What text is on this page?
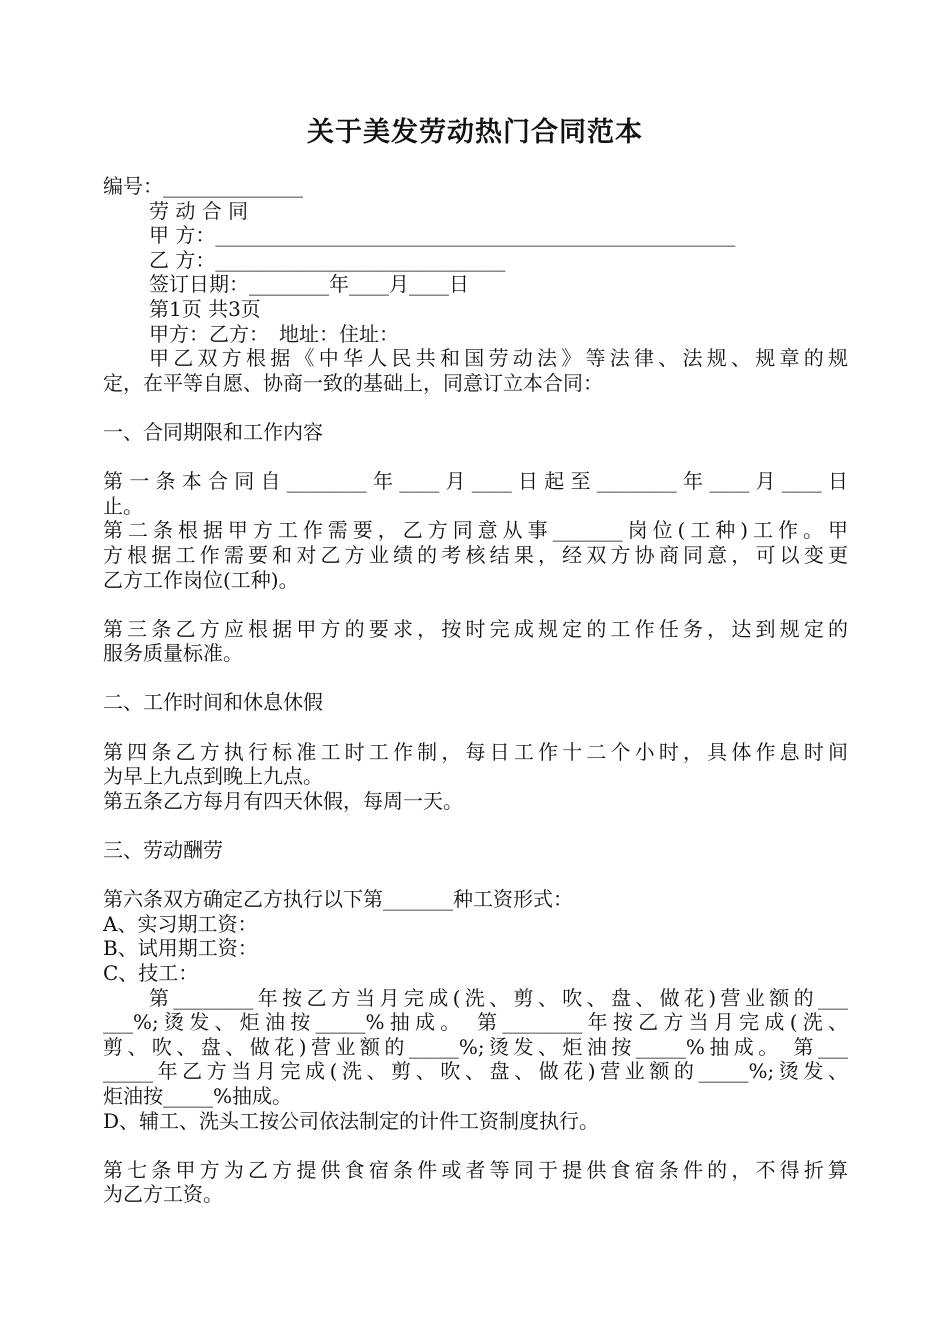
关于美发劳动热门合同范本
编号：______________
劳 动 合 同
甲 方：____________________________________________________
乙 方：_____________________________
签订日期：________年____月____日
第1页 共3页
甲方：乙方：　地址：住址：
甲乙双方根据《中华人民共和国劳动法》等法律、法规、规章的规
定，在平等自愿、协商一致的基础上，同意订立本合同：
一、合同期限和工作内容
第一条本合同自________年____月____日起至________年____月____日
止。
第二条根据甲方工作需要，乙方同意从事_______岗位(工种)工作。甲
方根据工作需要和对乙方业绩的考核结果，经双方协商同意，可以变更
乙方工作岗位(工种)。
第三条乙方应根据甲方的要求，按时完成规定的工作任务，达到规定的
服务质量标准。
二、工作时间和休息休假
第四条乙方执行标准工时工作制，每日工作十二个小时，具体作息时间
为早上九点到晚上九点。
第五条乙方每月有四天休假，每周一天。
三、劳动酬劳
第六条双方确定乙方执行以下第_______种工资形式：
A、实习期工资：
B、试用期工资：
C、技工：
第________年按乙方当月完成(洗、剪、吹、盘、做花)营业额的___
___%;烫发、炬油按_____%抽成。 第________年按乙方当月完成(洗、
剪、吹、盘、做花)营业额的_____%;烫发、炬油按_____%抽成。 第___
_____年乙方当月完成(洗、剪、吹、盘、做花)营业额的_____%;烫发、
炬油按_____%抽成。
D、辅工、洗头工按公司依法制定的计件工资制度执行。
第七条甲方为乙方提供食宿条件或者等同于提供食宿条件的，不得折算
为乙方工资。
